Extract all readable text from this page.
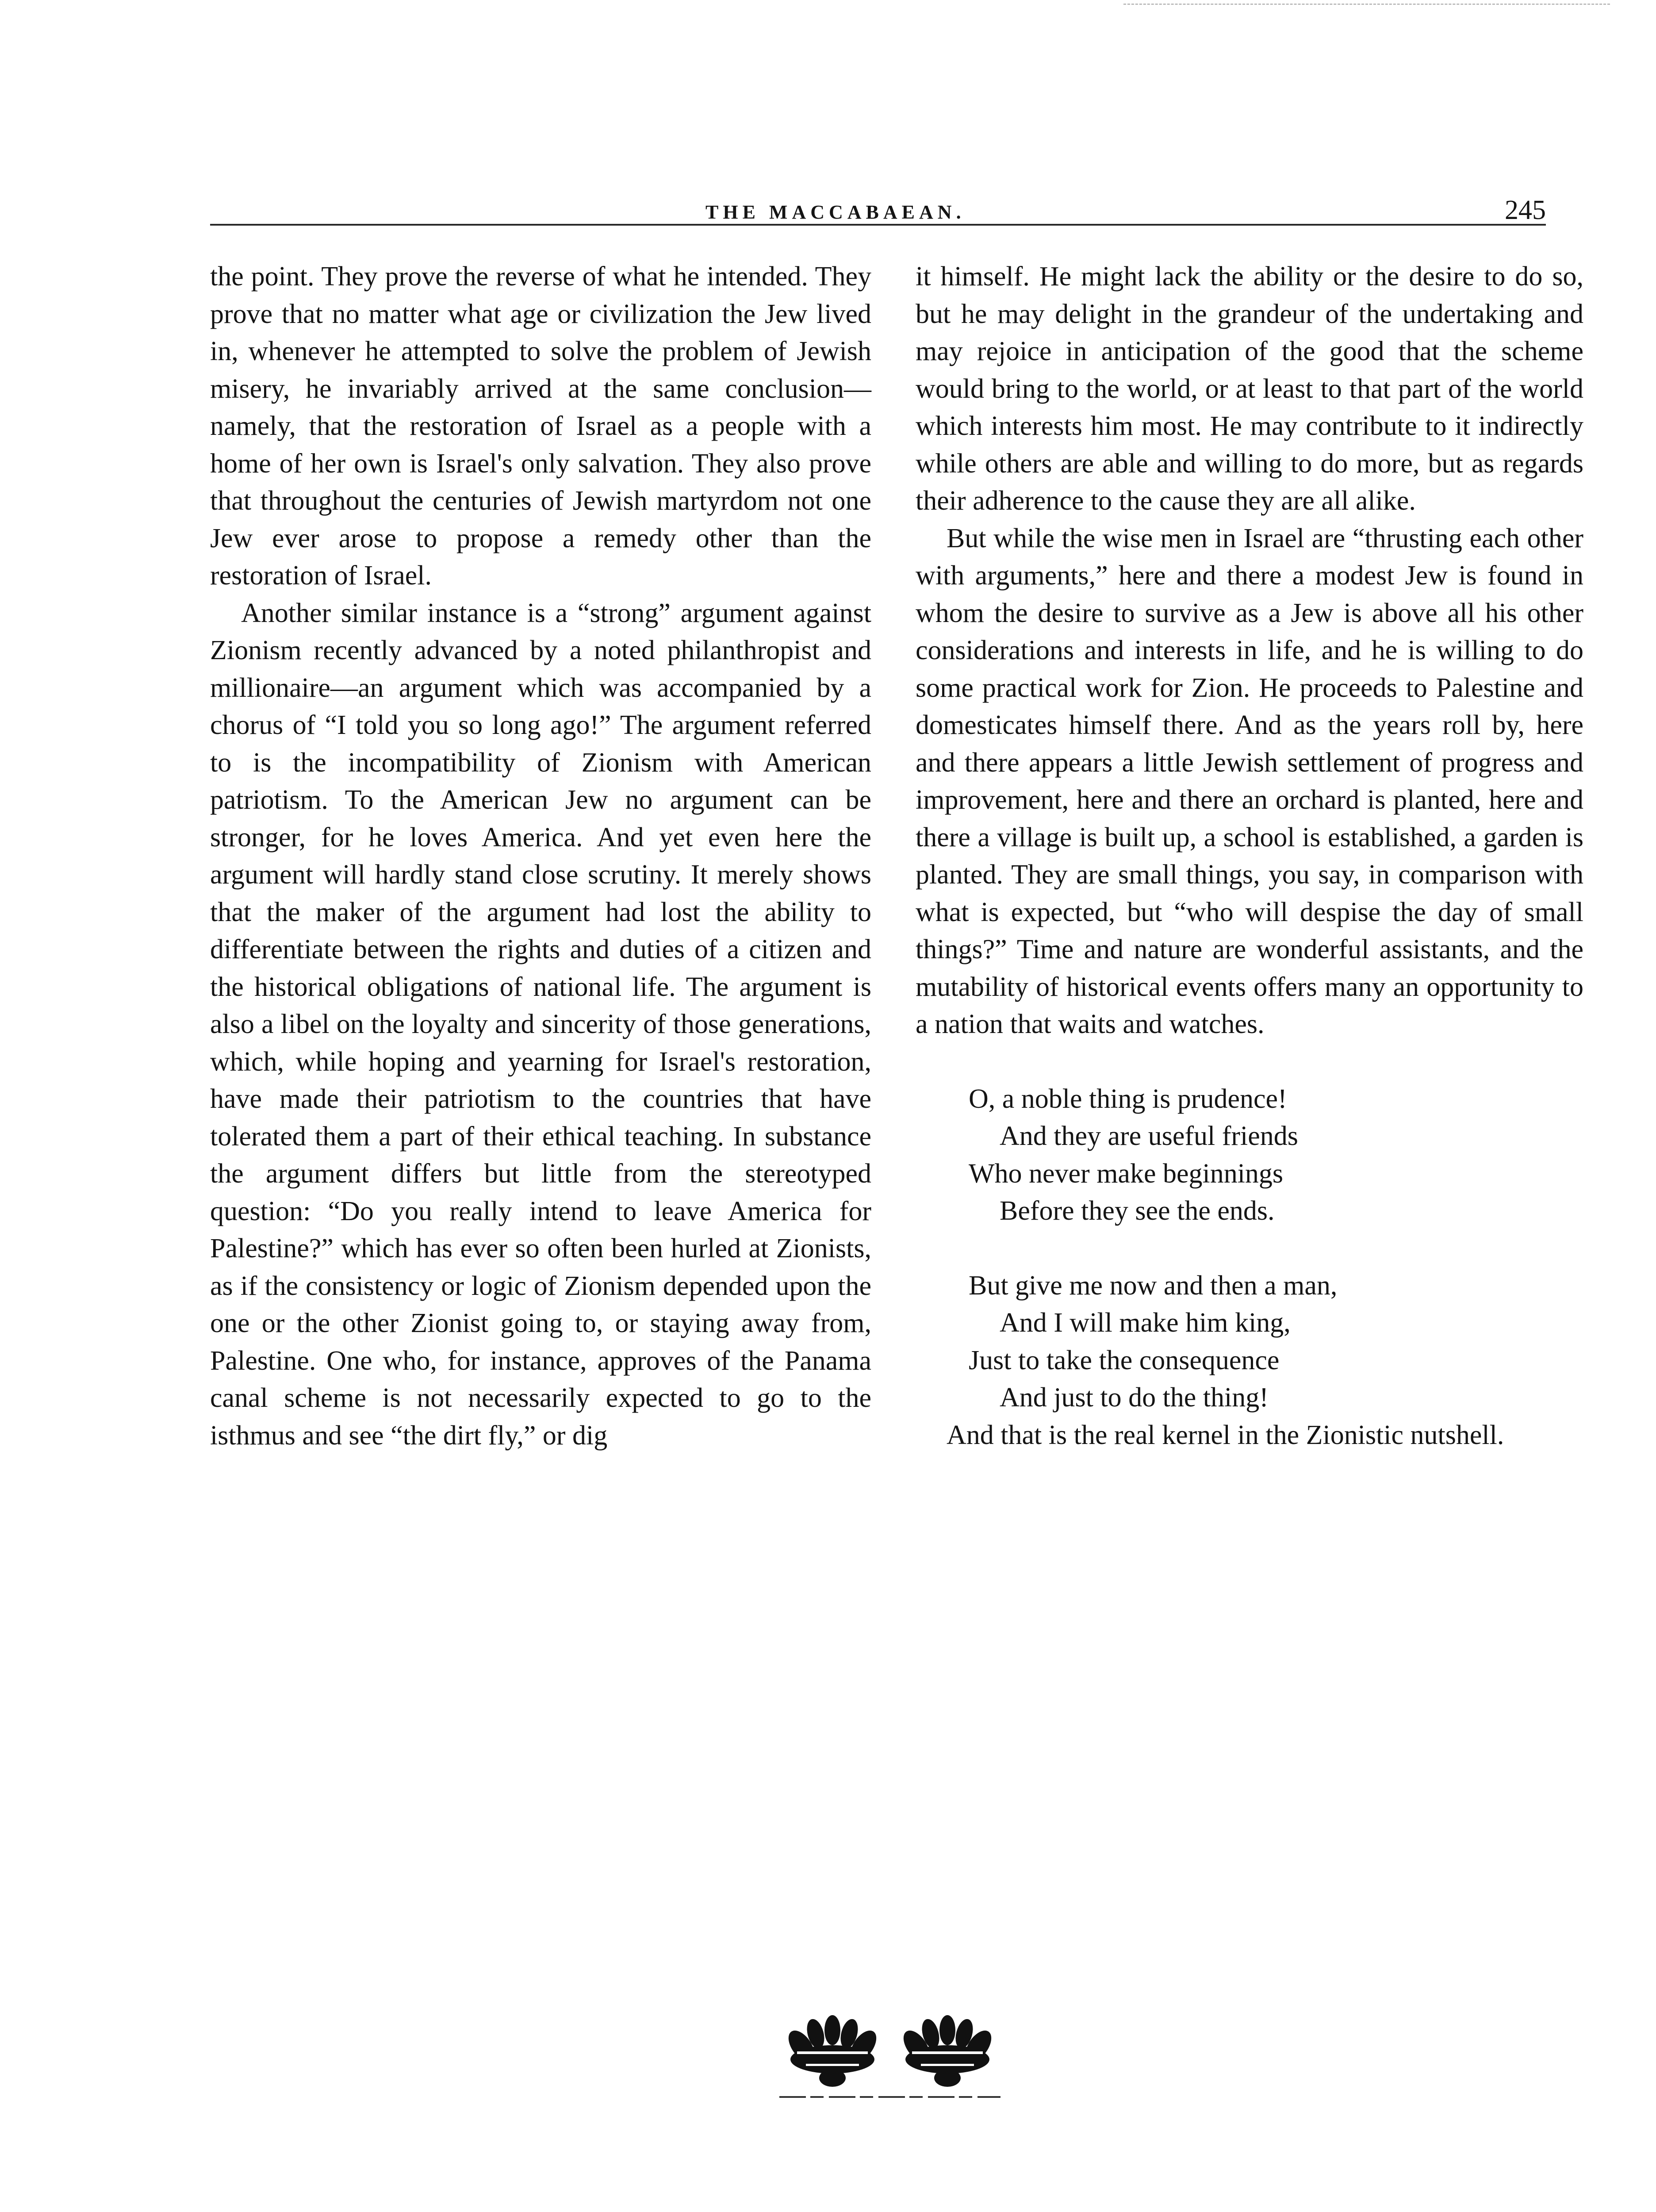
THE MACCABAEAN.	245

the point. They prove the reverse of what he intended. They prove that no matter what age or civilization the Jew lived in, whenever he attempted to solve the problem of Jewish misery, he invariably arrived at the same conclusion—namely, that the restoration of Israel as a people with a home of her own is Israel's only salvation. They also prove that throughout the centuries of Jewish martyrdom not one Jew ever arose to propose a remedy other than the restoration of Israel.

Another similar instance is a “strong” argument against Zionism recently advanced by a noted philanthropist and millionaire—an argument which was accompanied by a chorus of “I told you so long ago!” The argument referred to is the incompatibility of Zionism with American patriotism. To the American Jew no argument can be stronger, for he loves America. And yet even here the argument will hardly stand close scrutiny. It merely shows that the maker of the argument had lost the ability to differentiate between the rights and duties of a citizen and the historical obligations of national life. The argument is also a libel on the loyalty and sincerity of those generations, which, while hoping and yearning for Israel's restoration, have made their patriotism to the countries that have tolerated them a part of their ethical teaching. In substance the argument differs but little from the stereotyped question: “Do you really intend to leave America for Palestine?” which has ever so often been hurled at Zionists, as if the consistency or logic of Zionism depended upon the one or the other Zionist going to, or staying away from, Palestine. One who, for instance, approves of the Panama canal scheme is not necessarily expected to go to the isthmus and see “the dirt fly,” or dig

it himself. He might lack the ability or the desire to do so, but he may delight in the grandeur of the undertaking and may rejoice in anticipation of the good that the scheme would bring to the world, or at least to that part of the world which interests him most. He may contribute to it indirectly while others are able and willing to do more, but as regards their adherence to the cause they are all alike.

But while the wise men in Israel are “thrusting each other with arguments,” here and there a modest Jew is found in whom the desire to survive as a Jew is above all his other considerations and interests in life, and he is willing to do some practical work for Zion. He proceeds to Palestine and domesticates himself there. And as the years roll by, here and there appears a little Jewish settlement of progress and improvement, here and there an orchard is planted, here and there a village is built up, a school is established, a garden is planted. They are small things, you say, in comparison with what is expected, but “who will despise the day of small things?” Time and nature are wonderful assistants, and the mutability of historical events offers many an opportunity to a nation that waits and watches.

O, a noble thing is prudence!
And they are useful friends
Who never make beginnings
Before they see the ends.
But give me now and then a man,
And I will make him king,
Just to take the consequence
And just to do the thing!

And that is the real kernel in the Zionistic nutshell.
